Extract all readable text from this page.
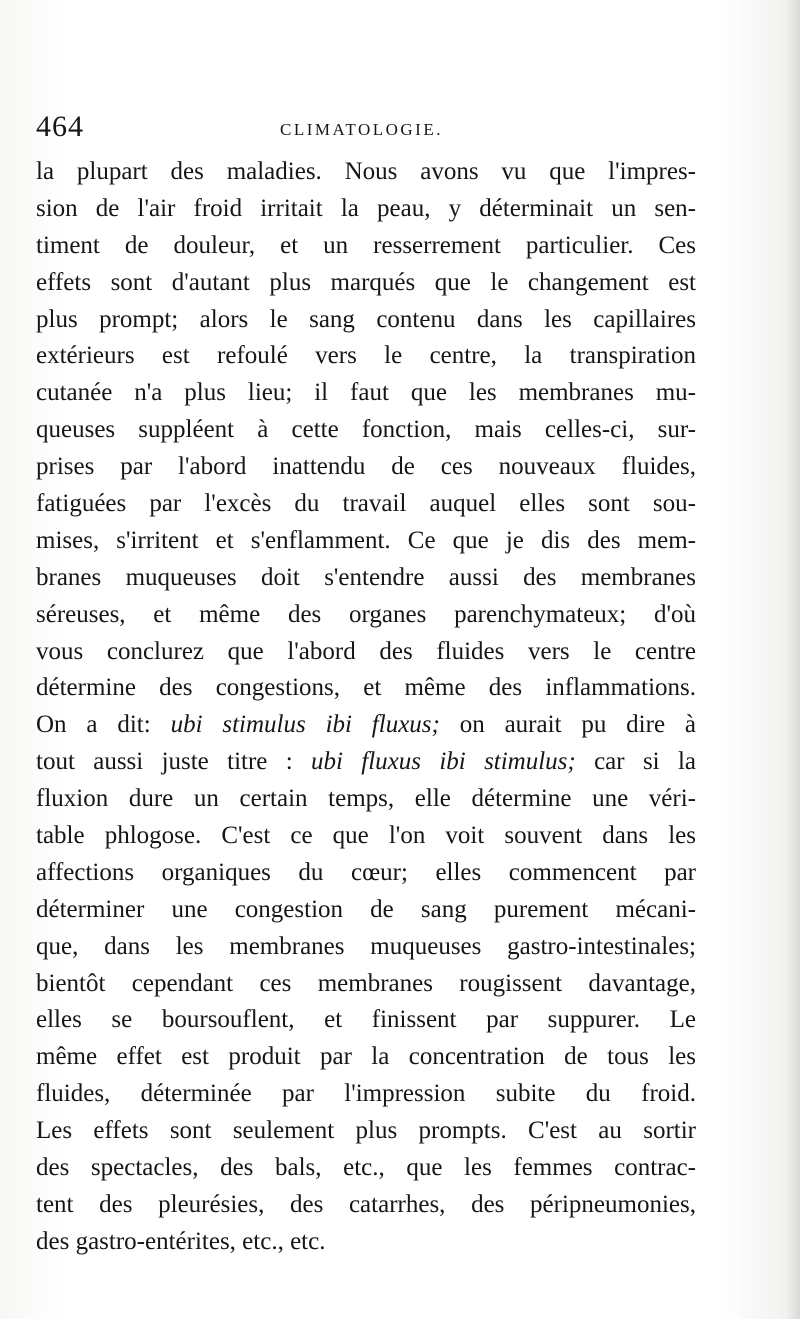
464	CLIMATOLOGIE.
la plupart des maladies. Nous avons vu que l'impres-
sion de l'air froid irritait la peau, y déterminait un sen-
timent de douleur, et un resserrement particulier. Ces
effets sont d'autant plus marqués que le changement est
plus prompt; alors le sang contenu dans les capillaires
extérieurs est refoulé vers le centre, la transpiration
cutanée n'a plus lieu; il faut que les membranes mu-
queuses suppléent à cette fonction, mais celles-ci, sur-
prises par l'abord inattendu de ces nouveaux fluides,
fatiguées par l'excès du travail auquel elles sont sou-
mises, s'irritent et s'enflamment. Ce que je dis des mem-
branes muqueuses doit s'entendre aussi des membranes
séreuses, et même des organes parenchymateux; d'où
vous conclurez que l'abord des fluides vers le centre
détermine des congestions, et même des inflammations.
On a dit: ubi stimulus ibi fluxus; on aurait pu dire à
tout aussi juste titre : ubi fluxus ibi stimulus; car si la
fluxion dure un certain temps, elle détermine une véri-
table phlogose. C'est ce que l'on voit souvent dans les
affections organiques du cœur; elles commencent par
déterminer une congestion de sang purement mécani-
que, dans les membranes muqueuses gastro-intestinales;
bientôt cependant ces membranes rougissent davantage,
elles se boursouflent, et finissent par suppurer. Le
même effet est produit par la concentration de tous les
fluides, déterminée par l'impression subite du froid.
Les effets sont seulement plus prompts. C'est au sortir
des spectacles, des bals, etc., que les femmes contrac-
tent des pleurésies, des catarrhes, des péripneumonies,
des gastro-entérites, etc., etc.
